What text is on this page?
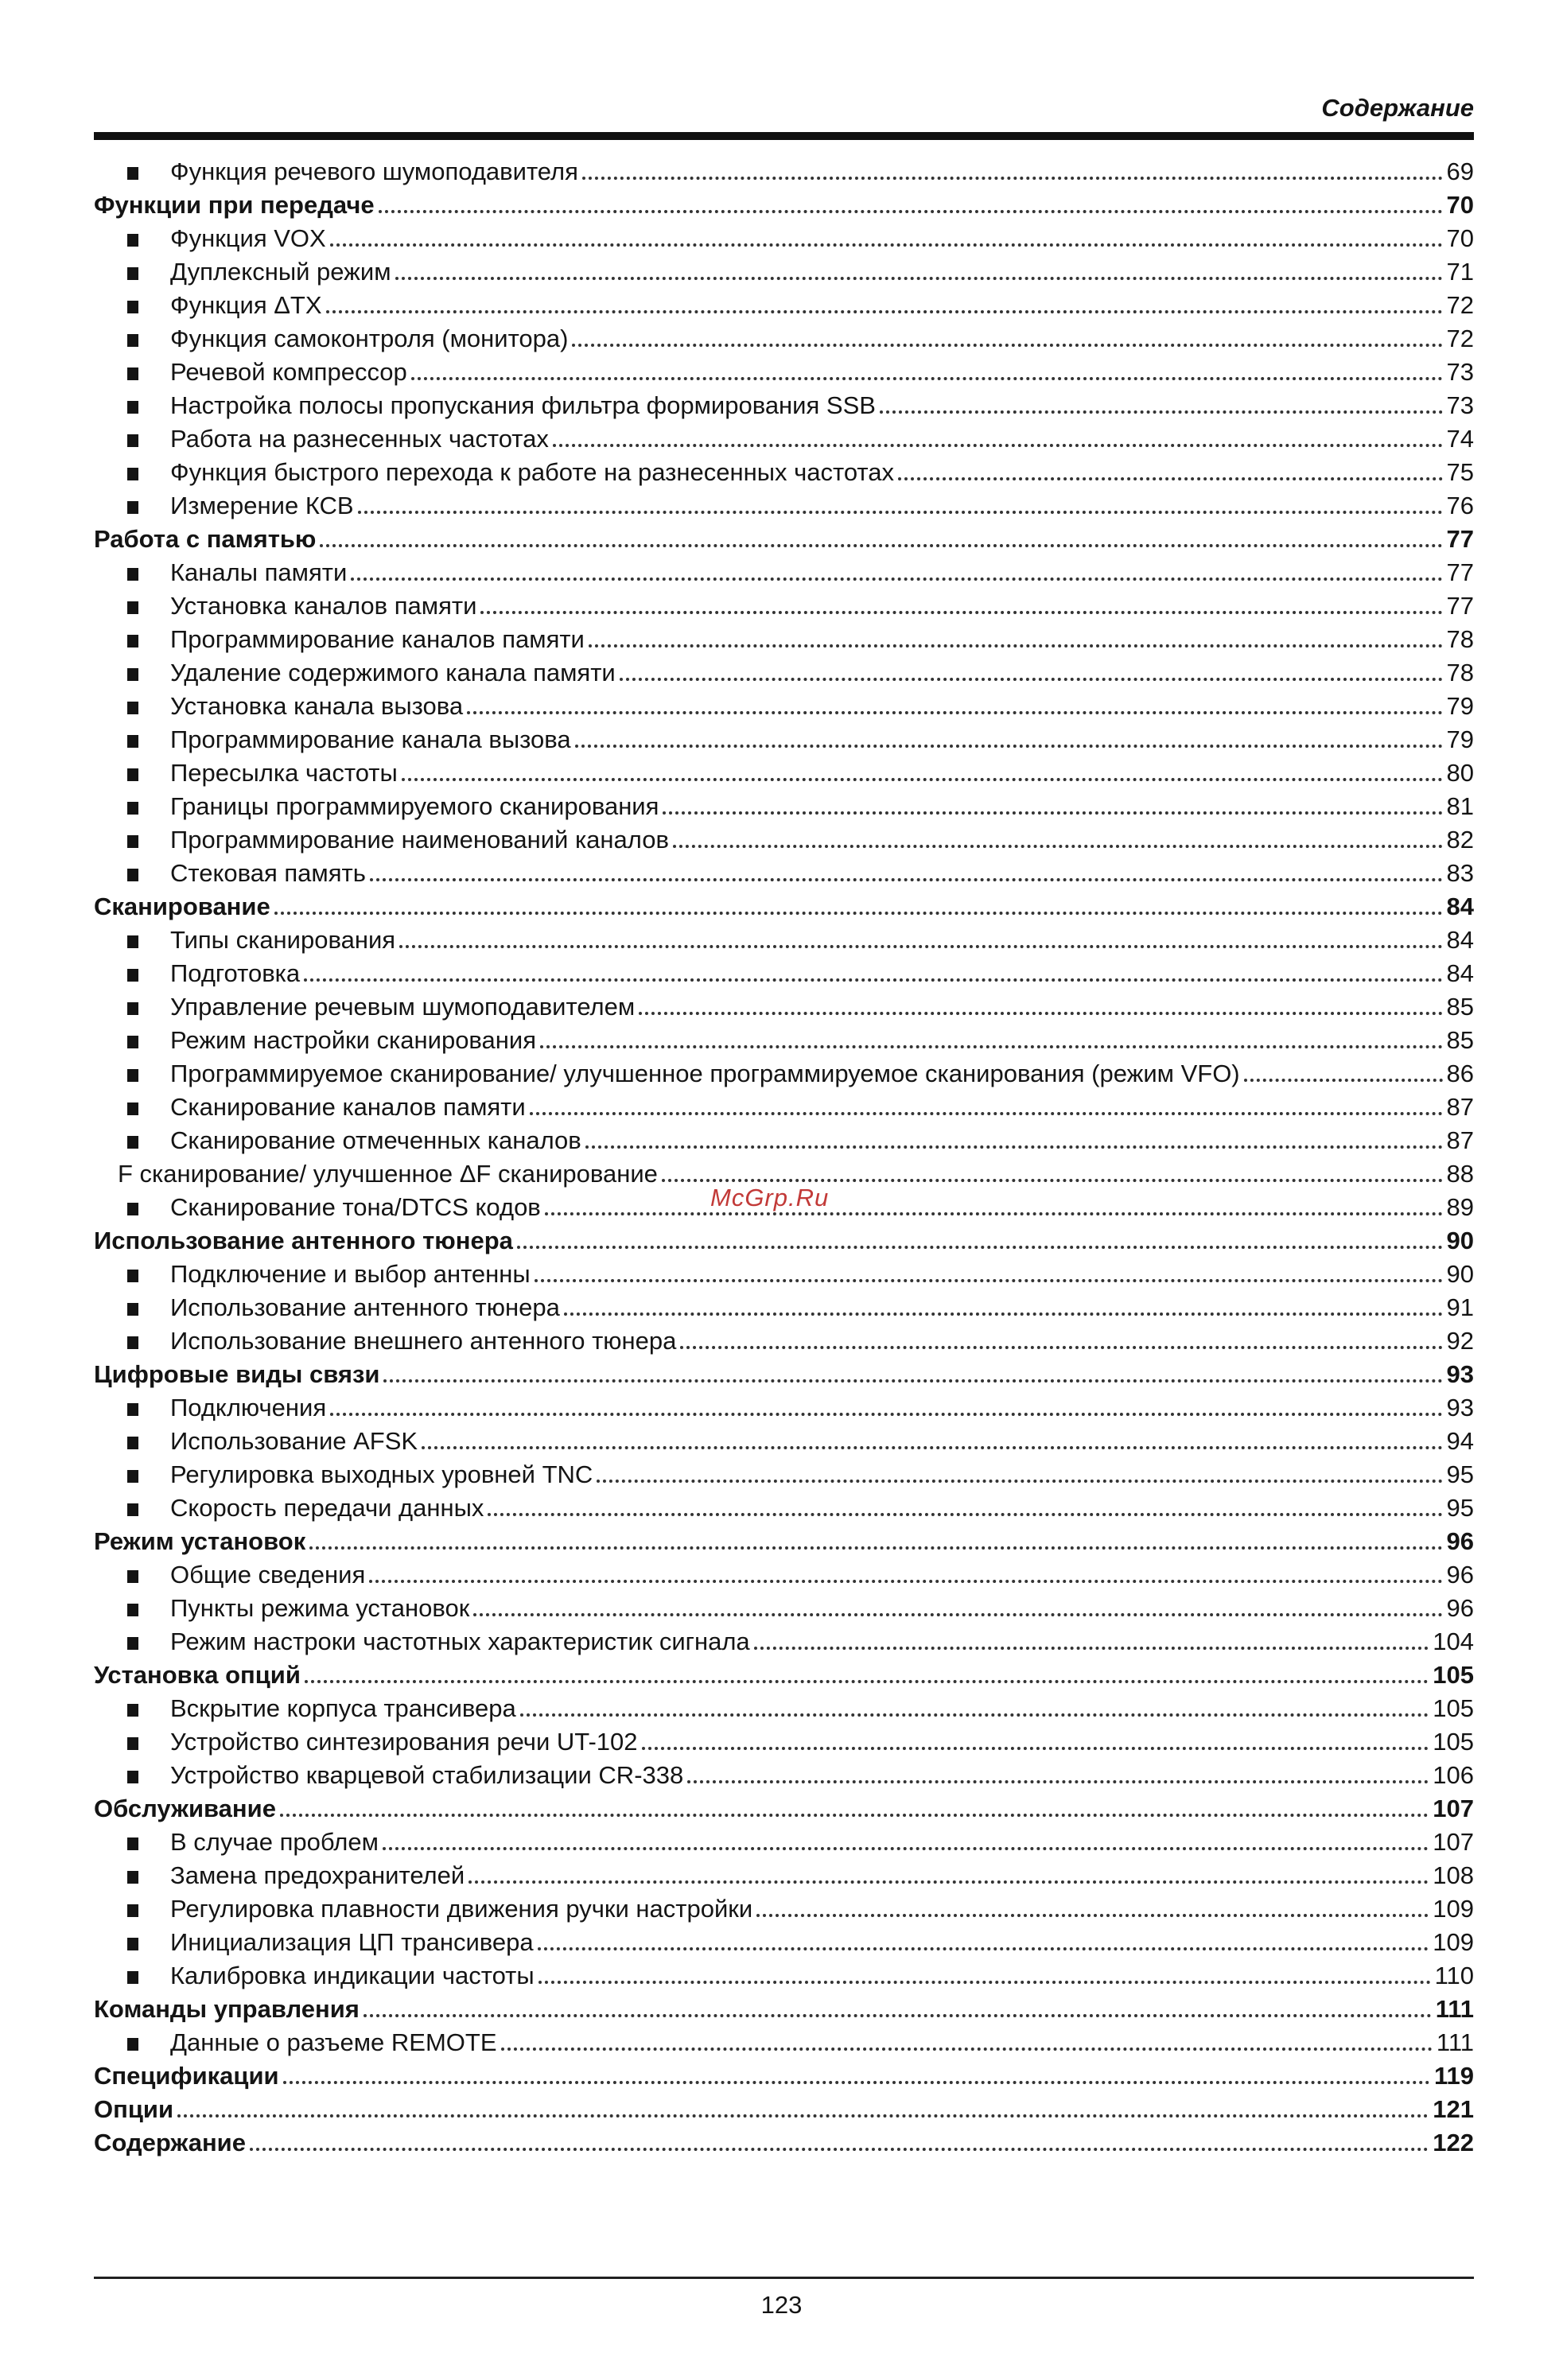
Содержание
Функция речевого шумоподавителя	69
Функции при передаче	70
Функция VOX	70
Дуплексный режим	71
Функция ΔTX	72
Функция самоконтроля (монитора)	72
Речевой компрессор	73
Настройка полосы пропускания фильтра формирования SSB	73
Работа на разнесенных частотах	74
Функция быстрого перехода к работе на разнесенных частотах	75
Измерение КСВ	76
Работа с памятью	77
Каналы памяти	77
Установка каналов памяти	77
Программирование каналов памяти	78
Удаление содержимого канала памяти	78
Установка канала вызова	79
Программирование канала вызова	79
Пересылка частоты	80
Границы программируемого сканирования	81
Программирование наименований каналов	82
Стековая память	83
Сканирование	84
Типы сканирования	84
Подготовка	84
Управление речевым шумоподавителем	85
Режим настройки сканирования	85
Программируемое сканирование/ улучшенное программируемое сканирования (режим VFO)	86
Сканирование каналов памяти	87
Сканирование отмеченных каналов	87
F сканирование/ улучшенное ΔF сканирование	88
Сканирование тона/DTCS кодов	89
Использование антенного тюнера	90
Подключение и выбор антенны	90
Использование антенного тюнера	91
Использование внешнего антенного тюнера	92
Цифровые виды связи	93
Подключения	93
Использование AFSK	94
Регулировка выходных уровней TNC	95
Скорость передачи данных	95
Режим установок	96
Общие сведения	96
Пункты режима установок	96
Режим настроки частотных характеристик сигнала	104
Установка опций	105
Вскрытие корпуса трансивера	105
Устройство синтезирования речи UT-102	105
Устройство кварцевой стабилизации CR-338	106
Обслуживание	107
В случае проблем	107
Замена предохранителей	108
Регулировка плавности движения ручки настройки	109
Инициализация ЦП трансивера	109
Калибровка индикации частоты	110
Команды управления	111
Данные о разъеме REMOTE	111
Спецификации	119
Опции	121
Содержание	122
McGrp.Ru
123
